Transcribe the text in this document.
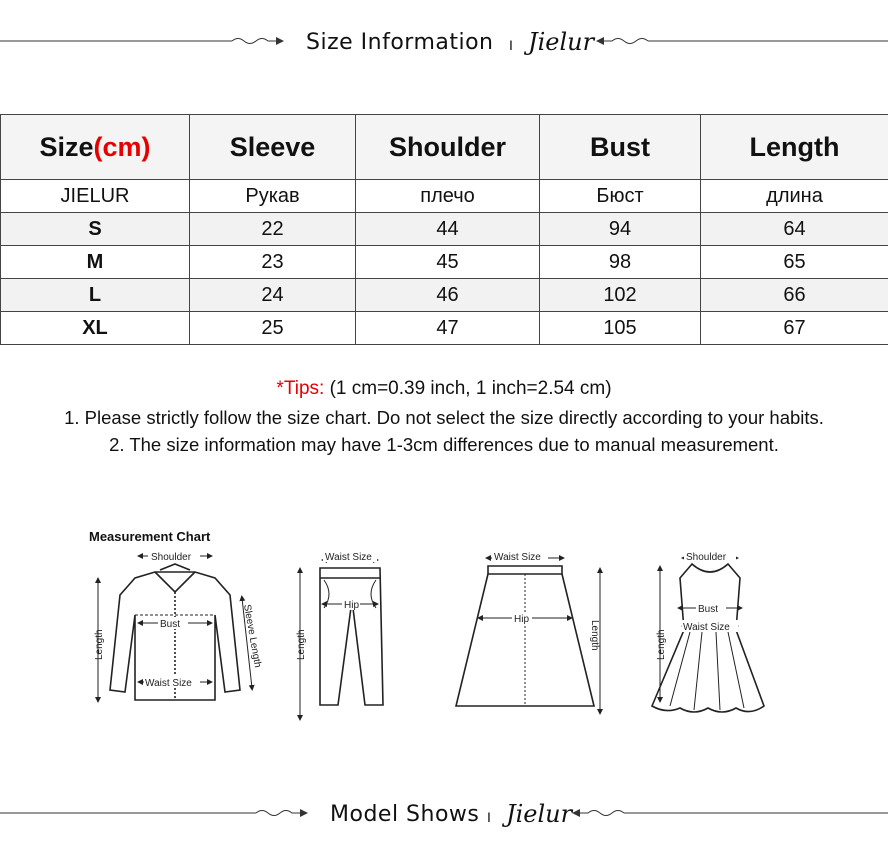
Size Information I Jielur
Size(cm)	Sleeve	Shoulder	Bust	Length
JIELUR	Рукав	плечо	Бюст	длина
S	22	44	94	64
M	23	45	98	65
L	24	46	102	66
XL	25	47	105	67
*Tips: (1 cm=0.39 inch, 1 inch=2.54 cm)
1. Please strictly follow the size chart. Do not select the size directly according to your habits.
2. The size information may have 1-3cm differences due to manual measurement.
Measurement Chart
Shoulder
Bust
Waist Size
Length	Sleeve Length
Waist Size
Hip
Length
Waist Size
Hip
Length
Shoulder
Bust
Waist Size
Length
Model Shows I Jielur
